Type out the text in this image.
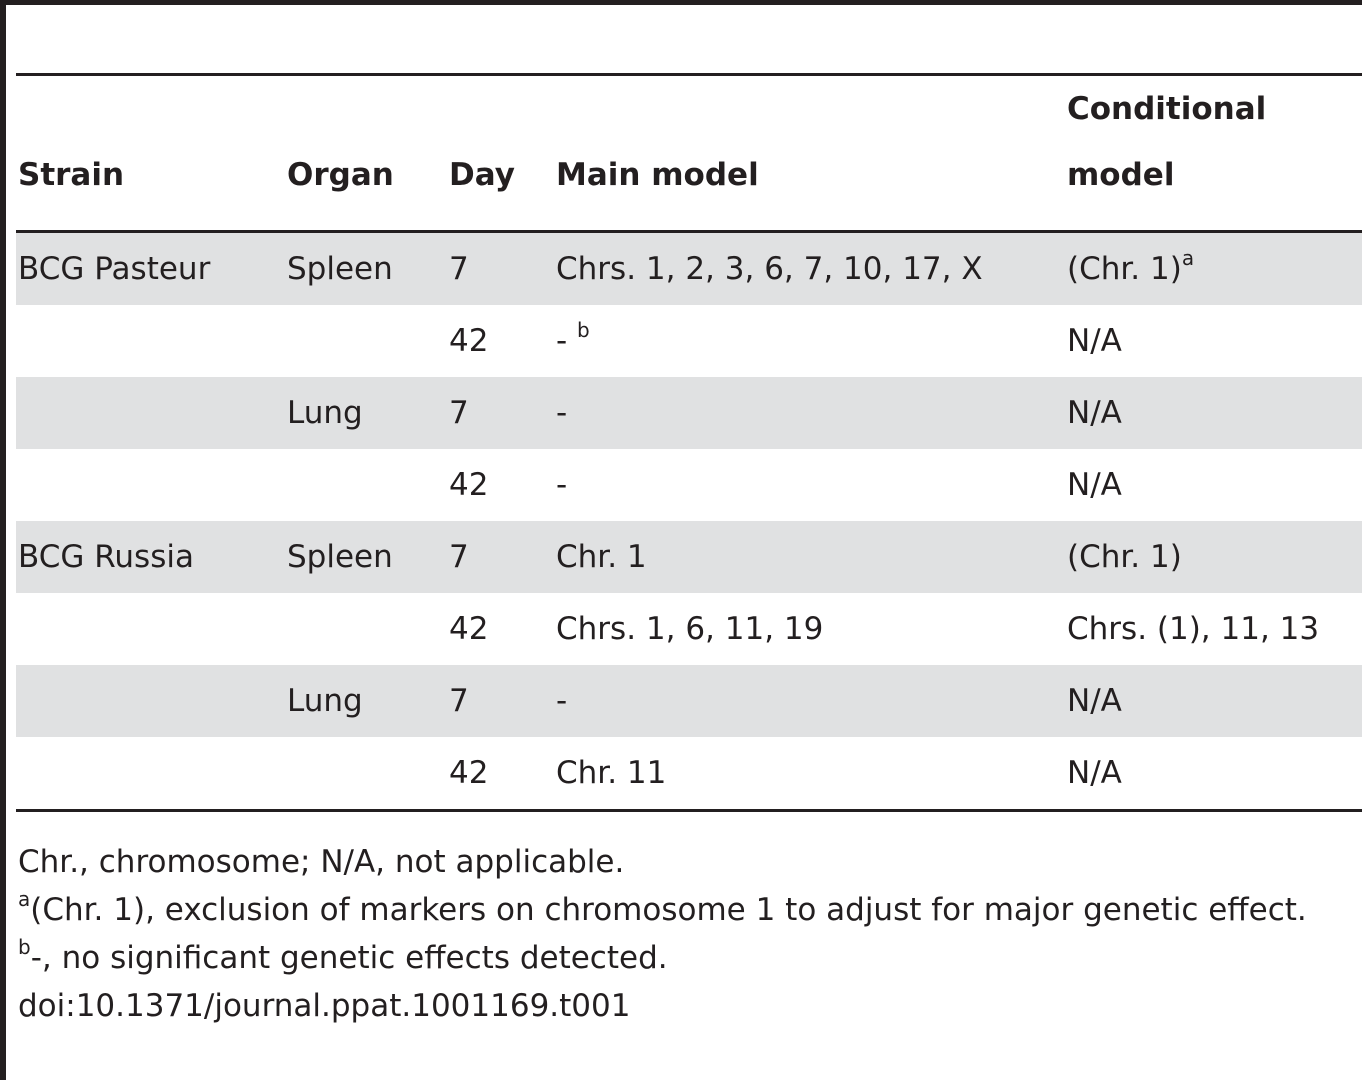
Strain	Organ	Day	Main model	Conditional model
BCG Pasteur	Spleen	7	Chrs. 1, 2, 3, 6, 7, 10, 17, X	(Chr. 1)$^a$
		42	- $^b$	N/A
	Lung	7	-	N/A
		42	-	N/A
BCG Russia	Spleen	7	Chr. 1	(Chr. 1)
		42	Chrs. 1, 6, 11, 19	Chrs. (1), 11, 13
	Lung	7	-	N/A
		42	Chr. 11	N/A

Chr., chromosome; N/A, not applicable.

$^a$(Chr. 1), exclusion of markers on chromosome 1 to adjust for major genetic effect.

$^b$-, no significant genetic effects detected.

doi:10.1371/journal.ppat.1001169.t001
